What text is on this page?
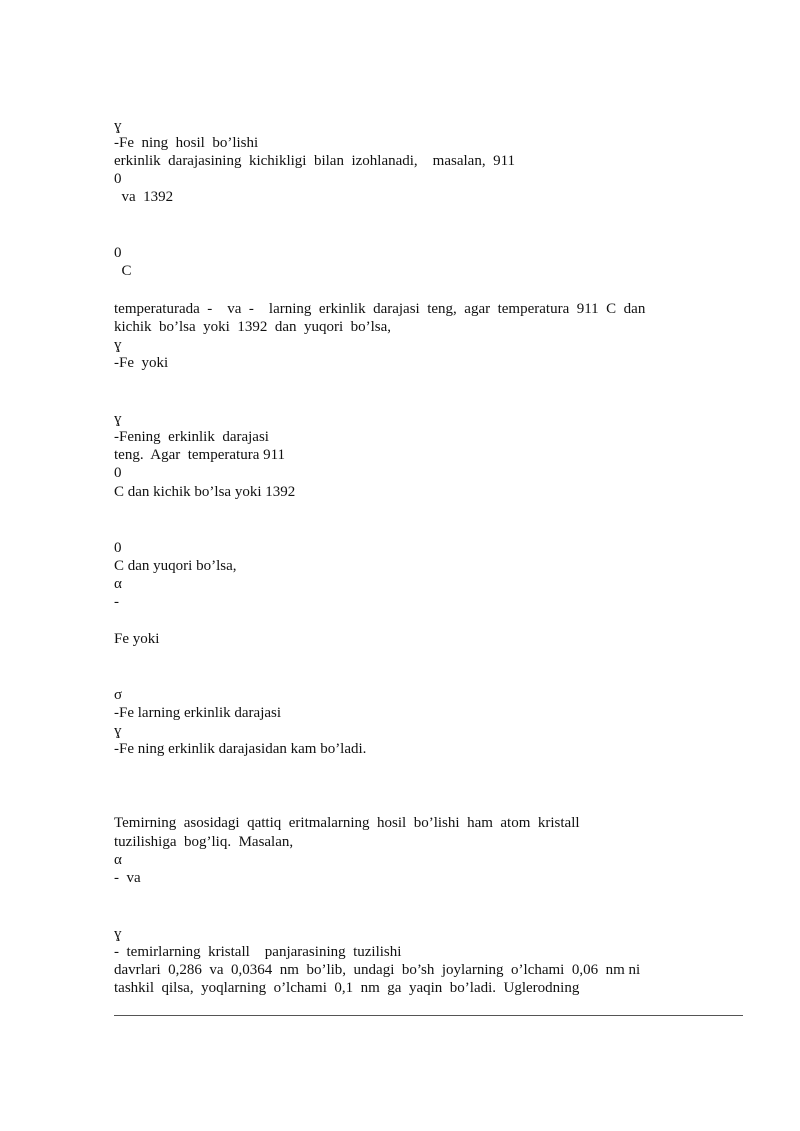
ɣ
-Fe  ning  hosil  bo’lishi
erkinlik  darajasining  kichikligi  bilan  izohlanadi,    masalan,  911
0
va  1392
0
C
temperaturada  -    va  -    larning  erkinlik  darajasi  teng,  agar  temperatura  911  C  dan
kichik  bo’lsa  yoki  1392  dan  yuqori  bo’lsa,
ɣ
-Fe  yoki
ɣ
-Fening  erkinlik  darajasi
teng.  Agar  temperatura 911
0
C dan kichik bo’lsa yoki 1392
0
C dan yuqori bo’lsa,
α
-
Fe yoki
σ
-Fe larning erkinlik darajasi
ɣ
-Fe ning erkinlik darajasidan kam bo’ladi.
Temirning  asosidagi  qattiq  eritmalarning  hosil  bo’lishi  ham  atom  kristall
tuzilishiga  bog’liq.  Masalan,
α
-  va
ɣ
-  temirlarning  kristall    panjarasining  tuzilishi
davrlari  0,286  va  0,0364  nm  bo’lib,  undagi  bo’sh  joylarning  o’lchami  0,06  nm ni
tashkil  qilsa,  yoqlarning  o’lchami  0,1  nm  ga  yaqin  bo’ladi.  Uglerodning
